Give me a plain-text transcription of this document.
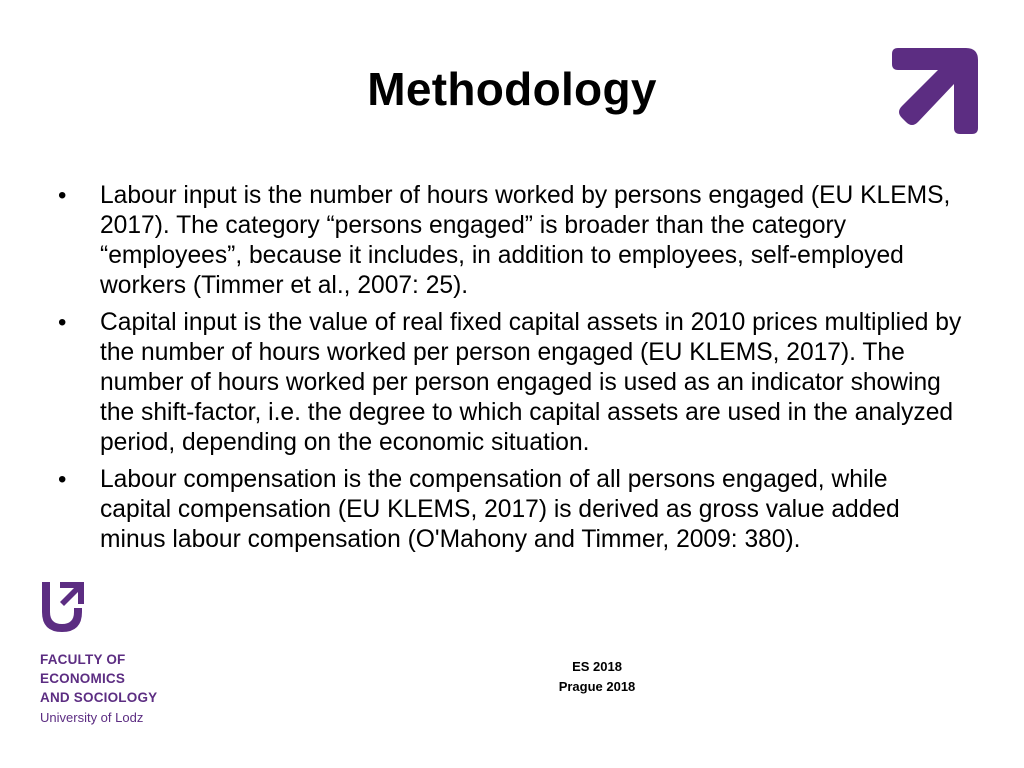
Methodology
• Labour input is the number of hours worked by persons engaged (EU KLEMS, 2017). The category “persons engaged” is broader than the category “employees”, because it includes, in addition to employees, self-employed workers (Timmer et al., 2007: 25).
• Capital input is the value of real fixed capital assets in 2010 prices multiplied by the number of hours worked per person engaged (EU KLEMS, 2017). The number of hours worked per person engaged is used as an indicator showing the shift-factor, i.e. the degree to which capital assets are used in the analyzed period, depending on the economic situation.
• Labour compensation is the compensation of all persons engaged, while capital compensation (EU KLEMS, 2017) is derived as gross value added minus labour compensation (O'Mahony and Timmer, 2009: 380).
FACULTY OF
ECONOMICS
AND SOCIOLOGY
University of Lodz
ES 2018
Prague 2018
